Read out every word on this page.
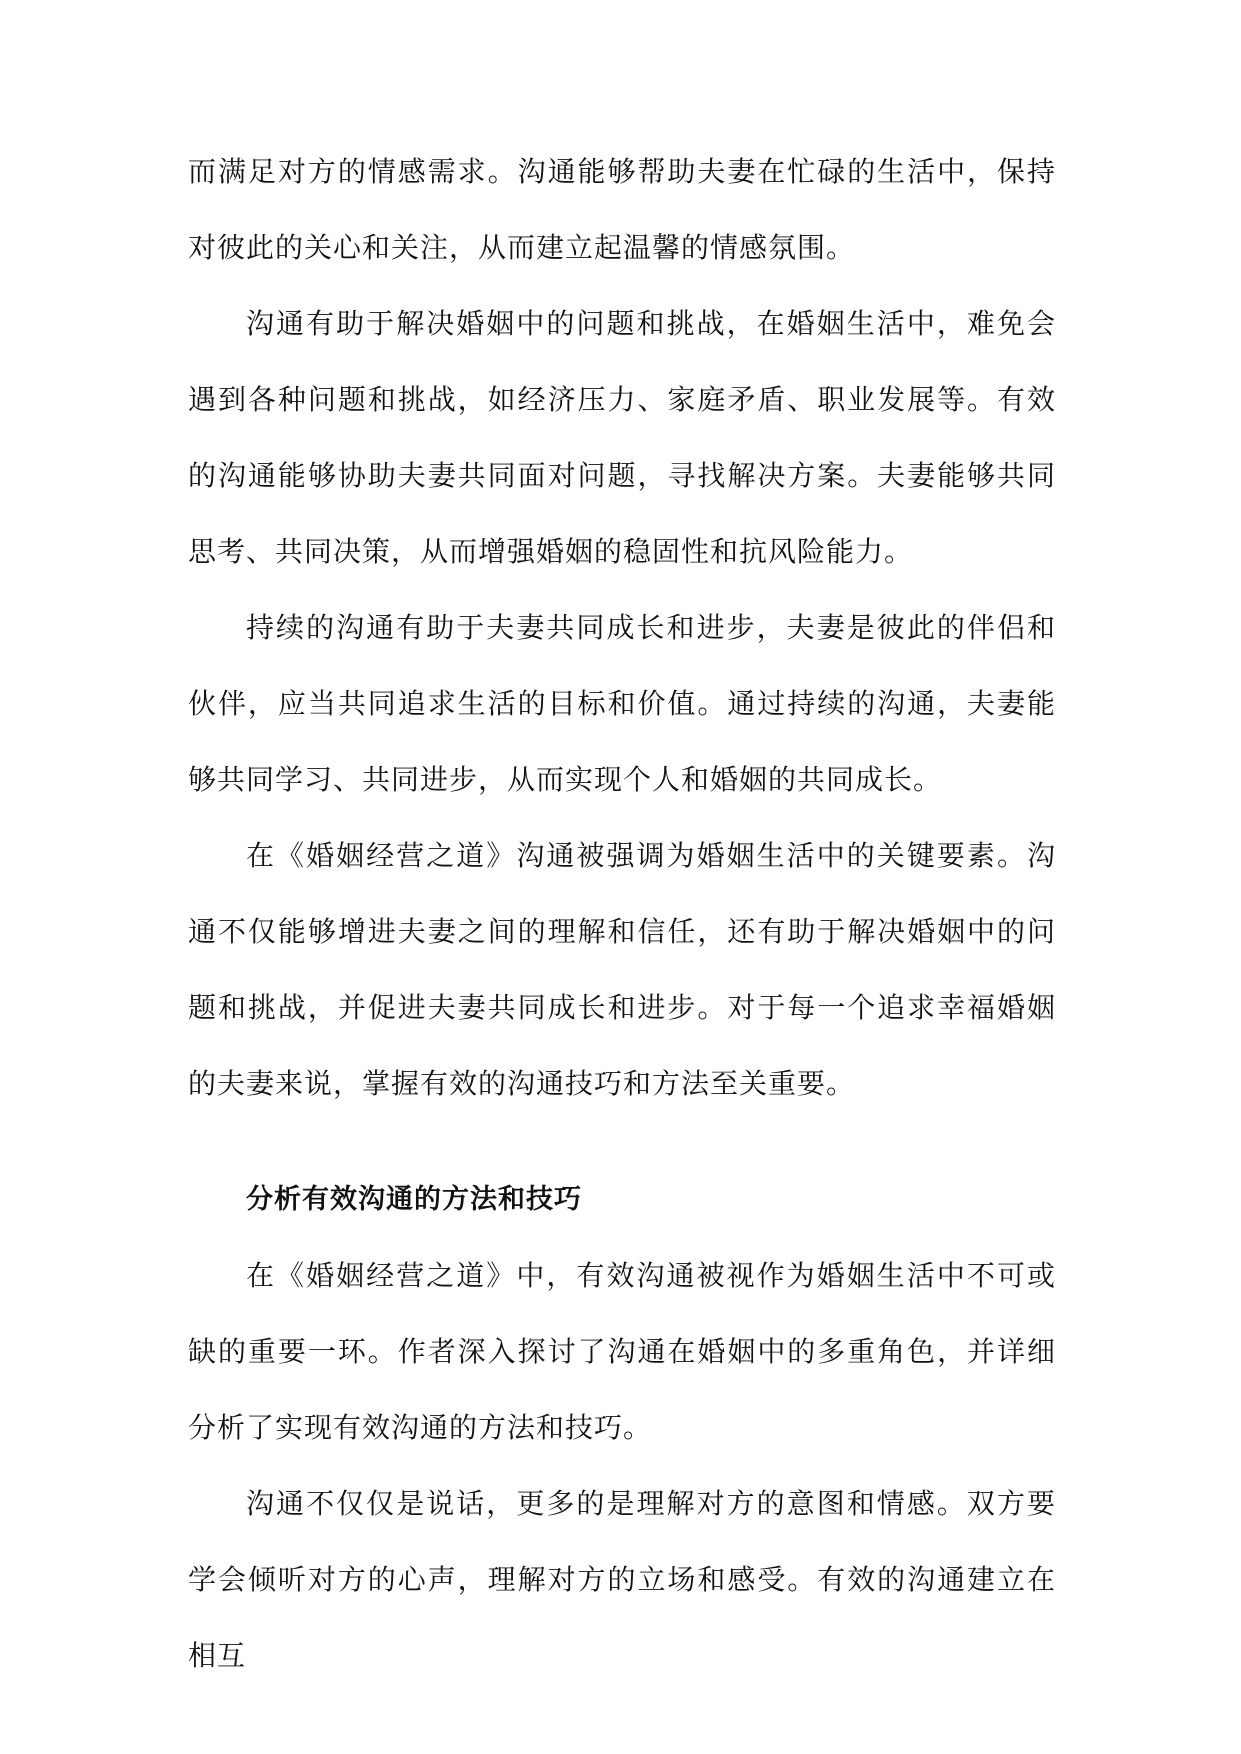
而满足对方的情感需求。沟通能够帮助夫妻在忙碌的生活中，保持对彼此的关心和关注，从而建立起温馨的情感氛围。

沟通有助于解决婚姻中的问题和挑战，在婚姻生活中，难免会遇到各种问题和挑战，如经济压力、家庭矛盾、职业发展等。有效的沟通能够协助夫妻共同面对问题，寻找解决方案。夫妻能够共同思考、共同决策，从而增强婚姻的稳固性和抗风险能力。

持续的沟通有助于夫妻共同成长和进步，夫妻是彼此的伴侣和伙伴，应当共同追求生活的目标和价值。通过持续的沟通，夫妻能够共同学习、共同进步，从而实现个人和婚姻的共同成长。

在《婚姻经营之道》沟通被强调为婚姻生活中的关键要素。沟通不仅能够增进夫妻之间的理解和信任，还有助于解决婚姻中的问题和挑战，并促进夫妻共同成长和进步。对于每一个追求幸福婚姻的夫妻来说，掌握有效的沟通技巧和方法至关重要。

分析有效沟通的方法和技巧

在《婚姻经营之道》中，有效沟通被视作为婚姻生活中不可或缺的重要一环。作者深入探讨了沟通在婚姻中的多重角色，并详细分析了实现有效沟通的方法和技巧。

沟通不仅仅是说话，更多的是理解对方的意图和情感。双方要学会倾听对方的心声，理解对方的立场和感受。有效的沟通建立在相互
